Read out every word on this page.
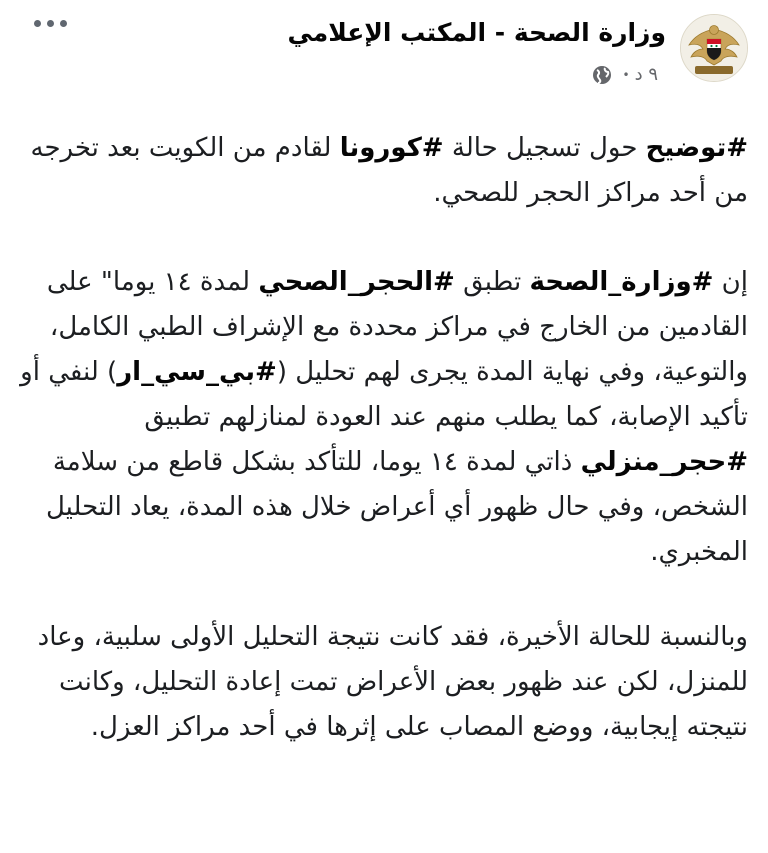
وزارة الصحة - المكتب الإعلامي
٩ د
•

#توضيح حول تسجيل حالة #كورونا لقادم من الكويت بعد تخرجه من أحد مراكز الحجر للصحي.

إن #وزارة_الصحة تطبق #الحجر_الصحي لمدة ١٤ يوما" على القادمين من الخارج في مراكز محددة مع الإشراف الطبي الكامل، والتوعية، وفي نهاية المدة يجرى لهم تحليل (#بي_سي_ار) لنفي أو تأكيد الإصابة، كما يطلب منهم عند العودة لمنازلهم تطبيق #حجر_منزلي ذاتي لمدة ١٤ يوما، للتأكد بشكل قاطع من سلامة الشخص، وفي حال ظهور أي أعراض خلال هذه المدة، يعاد التحليل المخبري.

وبالنسبة للحالة الأخيرة، فقد كانت نتيجة التحليل الأولى سلبية، وعاد للمنزل، لكن عند ظهور بعض الأعراض تمت إعادة التحليل، وكانت نتيجته إيجابية، ووضع المصاب على إثرها في أحد مراكز العزل.
